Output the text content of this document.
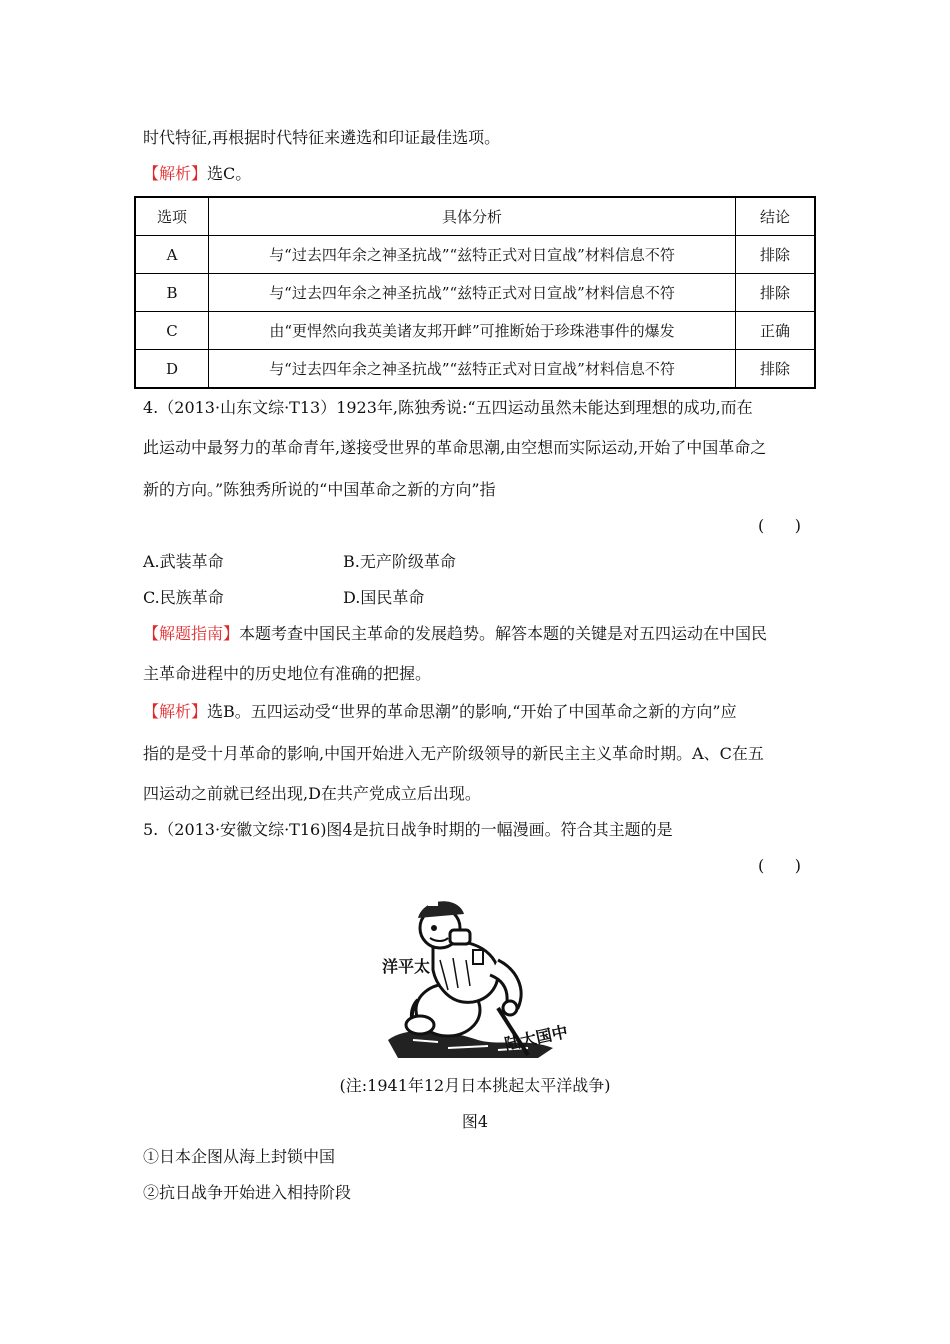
时代特征,再根据时代特征来遴选和印证最佳选项。
【解析】选C。
选项	具体分析	结论
A	与“过去四年余之神圣抗战”“兹特正式对日宣战”材料信息不符	排除
B	与“过去四年余之神圣抗战”“兹特正式对日宣战”材料信息不符	排除
C	由“更悍然向我英美诸友邦开衅”可推断始于珍珠港事件的爆发	正确
D	与“过去四年余之神圣抗战”“兹特正式对日宣战”材料信息不符	排除
4.（2013·山东文综·T13）1923年,陈独秀说:“五四运动虽然未能达到理想的成功,而在
此运动中最努力的革命青年,遂接受世界的革命思潮,由空想而实际运动,开始了中国革命之
新的方向。”陈独秀所说的“中国革命之新的方向”指
(      )
A.武装革命	B.无产阶级革命
C.民族革命	D.国民革命
【解题指南】本题考查中国民主革命的发展趋势。解答本题的关键是对五四运动在中国民
主革命进程中的历史地位有准确的把握。
【解析】选B。五四运动受“世界的革命思潮”的影响,“开始了中国革命之新的方向”应
指的是受十月革命的影响,中国开始进入无产阶级领导的新民主主义革命时期。A、C在五
四运动之前就已经出现,D在共产党成立后出现。
5.（2013·安徽文综·T16)图4是抗日战争时期的一幅漫画。符合其主题的是
(      )
洋平太
陆大国中
(注:1941年12月日本挑起太平洋战争)
图4
①日本企图从海上封锁中国
②抗日战争开始进入相持阶段
